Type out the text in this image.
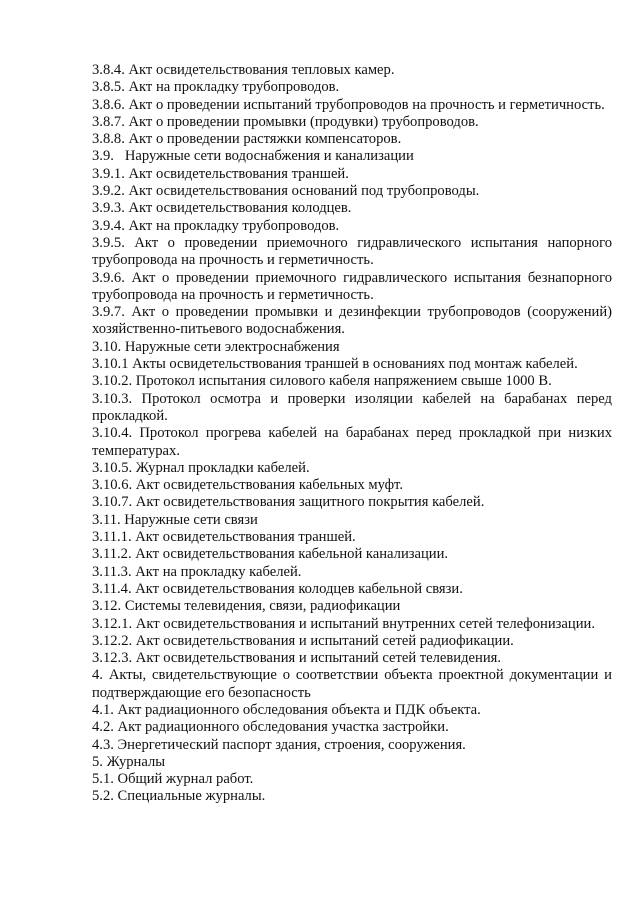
3.8.4. Акт освидетельствования тепловых камер.
3.8.5. Акт на прокладку трубопроводов.
3.8.6. Акт о проведении испытаний трубопроводов на прочность и герметичность.
3.8.7. Акт о проведении промывки (продувки) трубопроводов.
3.8.8. Акт о проведении растяжки компенсаторов.
3.9.   Наружные сети водоснабжения и канализации
3.9.1. Акт освидетельствования траншей.
3.9.2. Акт освидетельствования оснований под трубопроводы.
3.9.3. Акт освидетельствования колодцев.
3.9.4. Акт на прокладку трубопроводов.
3.9.5. Акт о проведении приемочного гидравлического испытания напорного трубопровода на прочность и герметичность.
3.9.6. Акт о проведении приемочного гидравлического испытания безнапорного трубопровода на прочность и герметичность.
3.9.7. Акт о проведении промывки и дезинфекции трубопроводов (сооружений) хозяйственно-питьевого водоснабжения.
3.10. Наружные сети электроснабжения
3.10.1 Акты освидетельствования траншей в основаниях под монтаж кабелей.
3.10.2. Протокол испытания силового кабеля напряжением свыше 1000 В.
3.10.3. Протокол осмотра и проверки изоляции кабелей на барабанах перед прокладкой.
3.10.4. Протокол прогрева кабелей на барабанах перед прокладкой при низких температурах.
3.10.5. Журнал прокладки кабелей.
3.10.6. Акт освидетельствования кабельных муфт.
3.10.7. Акт освидетельствования защитного покрытия кабелей.
3.11. Наружные сети связи
3.11.1. Акт освидетельствования траншей.
3.11.2. Акт освидетельствования кабельной канализации.
3.11.3. Акт на прокладку кабелей.
3.11.4. Акт освидетельствования колодцев кабельной связи.
3.12. Системы телевидения, связи, радиофикации
3.12.1. Акт освидетельствования и испытаний внутренних сетей телефонизации.
3.12.2. Акт освидетельствования и испытаний сетей радиофикации.
3.12.3. Акт освидетельствования и испытаний сетей телевидения.
4. Акты, свидетельствующие о соответствии объекта проектной документации и подтверждающие его безопасность
4.1. Акт радиационного обследования объекта и ПДК объекта.
4.2. Акт радиационного обследования участка застройки.
4.3. Энергетический паспорт здания, строения, сооружения.
5. Журналы
5.1. Общий журнал работ.
5.2. Специальные журналы.
